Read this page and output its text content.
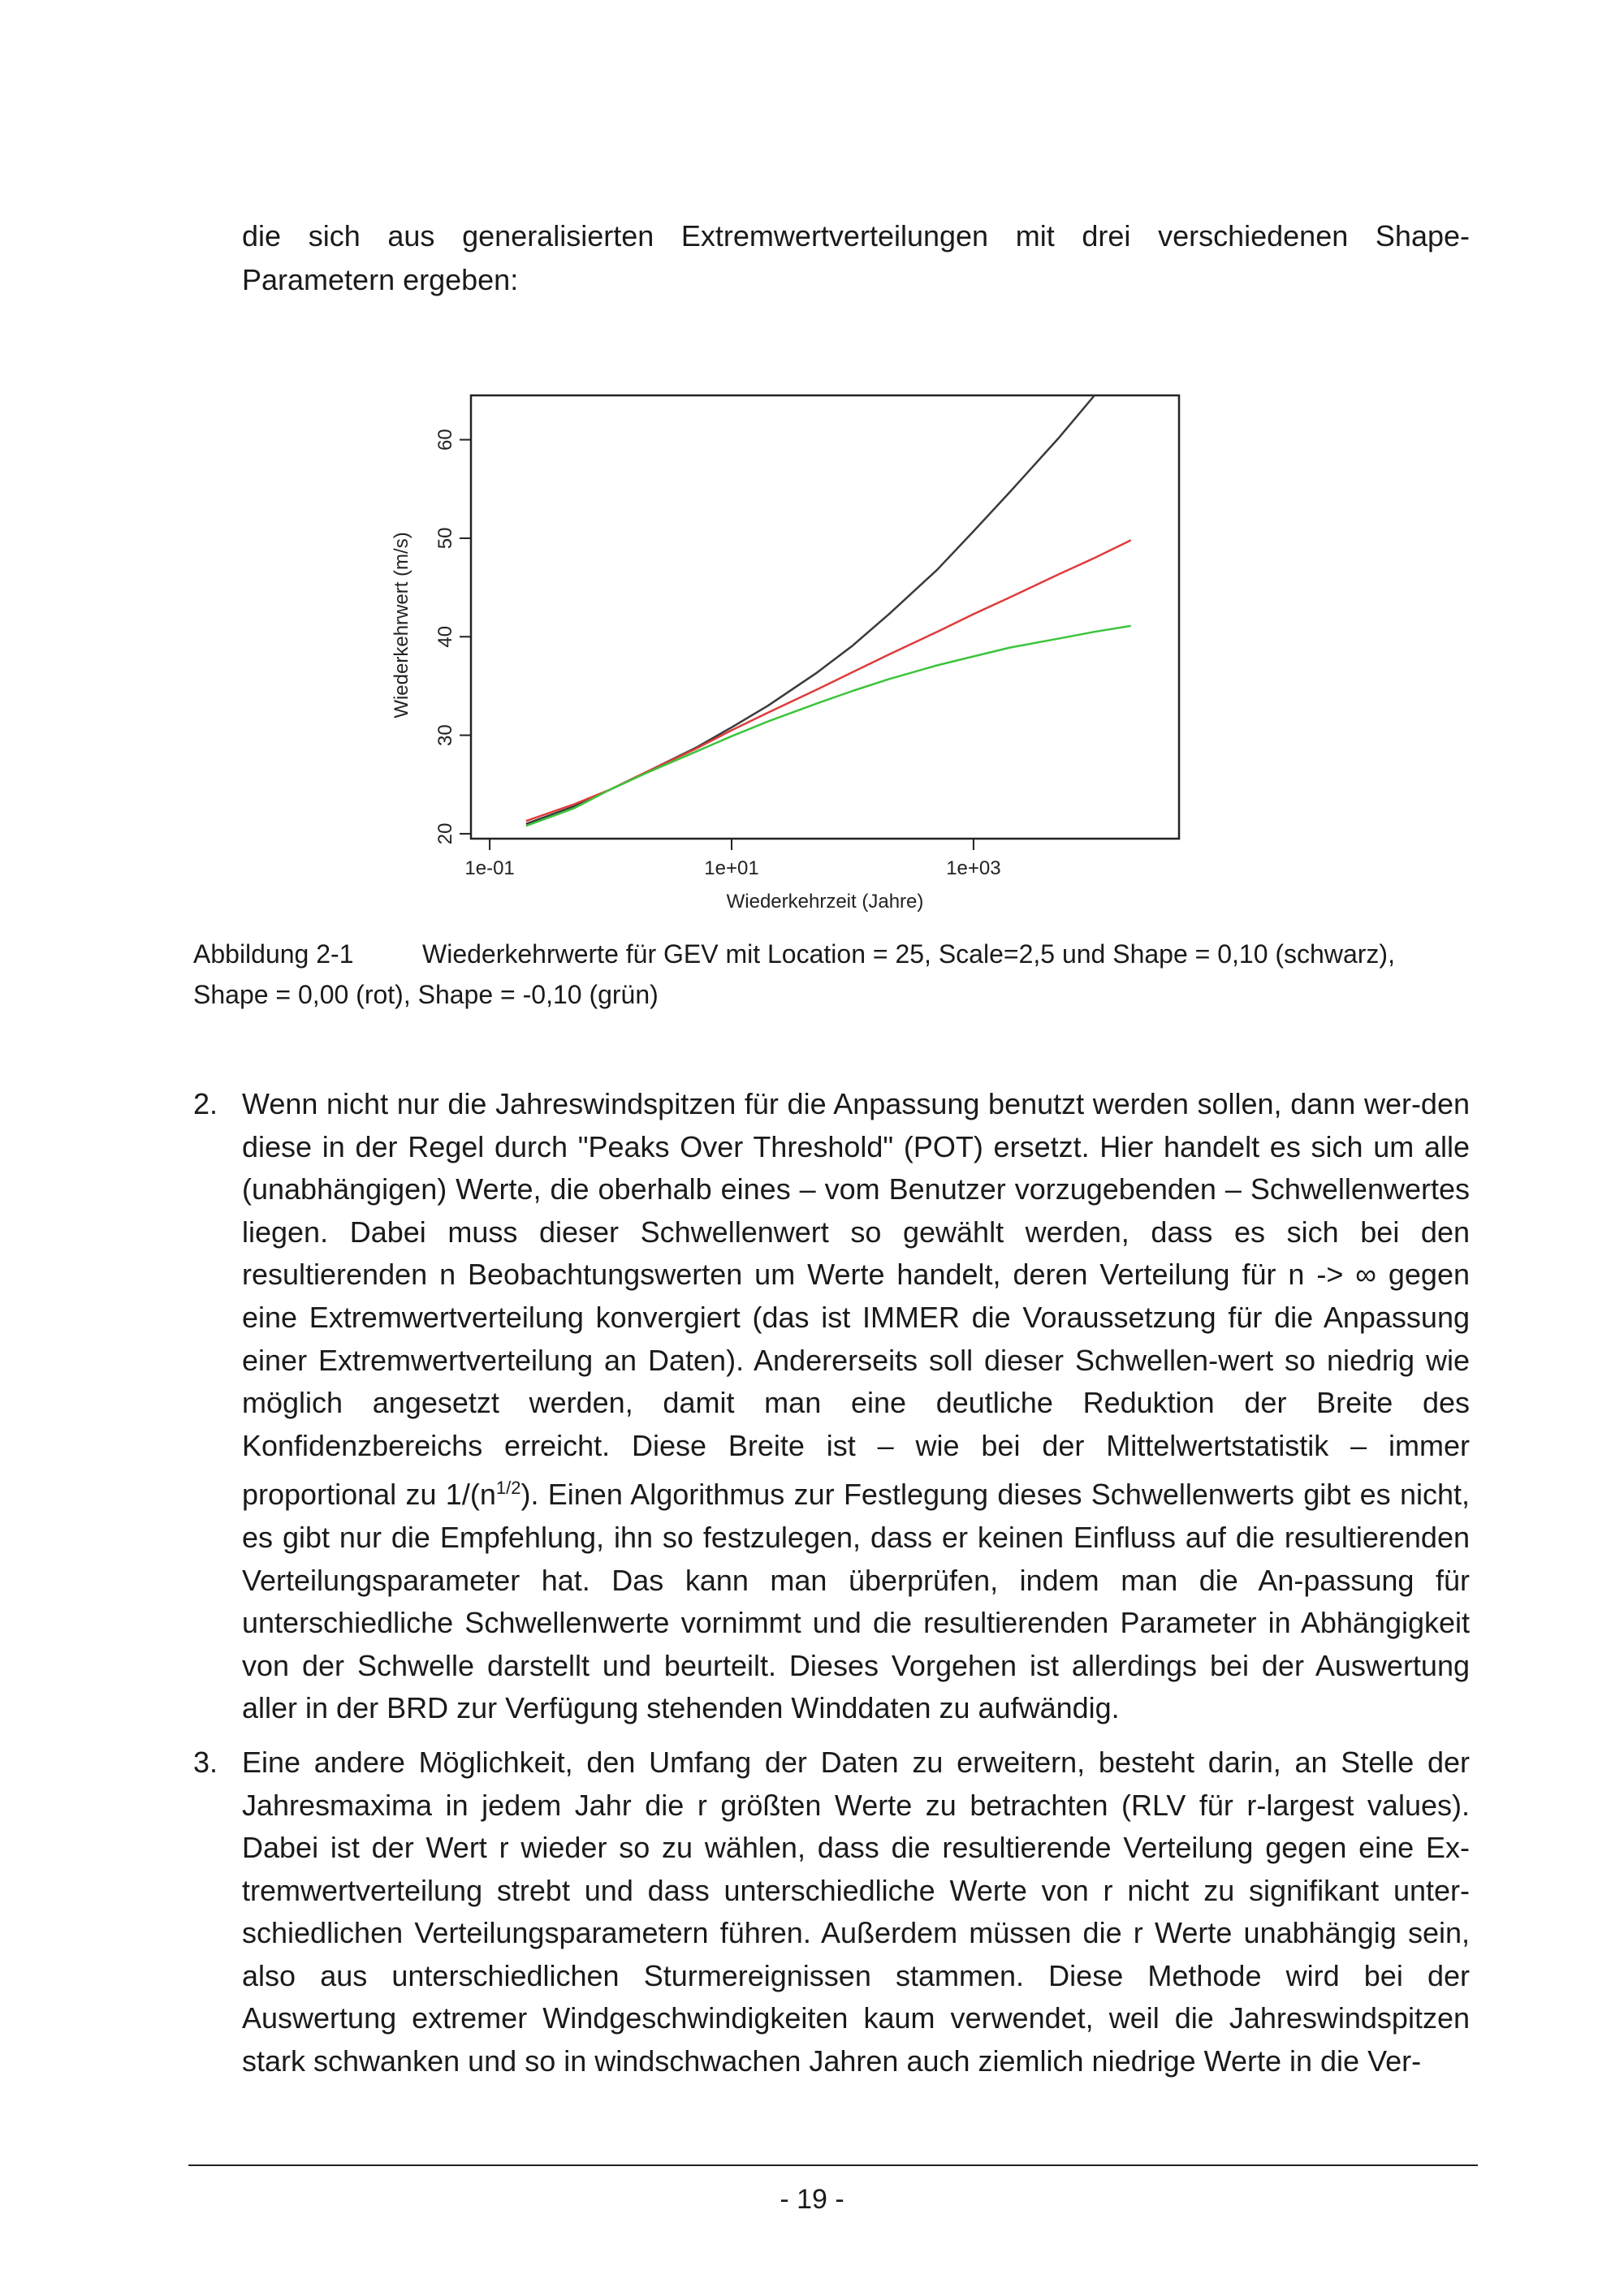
die sich aus generalisierten Extremwertverteilungen mit drei verschiedenen Shape-
Parametern ergeben:
1e-01	1e+01	1e+03
20
30
40
50
60
Wiederkehrzeit (Jahre)
Wiederkehrwert (m/s)
Abbildung 2-1	Wiederkehrwerte für GEV mit Location = 25, Scale=2,5 und Shape = 0,10 (schwarz),
Shape = 0,00 (rot), Shape = -0,10 (grün)
2. Wenn nicht nur die Jahreswindspitzen für die Anpassung benutzt werden sollen, dann wer-den diese in der Regel durch "Peaks Over Threshold" (POT) ersetzt. Hier handelt es sich um alle (unabhängigen) Werte, die oberhalb eines – vom Benutzer vorzugebenden – Schwellenwertes liegen. Dabei muss dieser Schwellenwert so gewählt werden, dass es sich bei den resultierenden n Beobachtungswerten um Werte handelt, deren Verteilung für n -> ∞ gegen eine Extremwertverteilung konvergiert (das ist IMMER die Voraussetzung für die Anpassung einer Extremwertverteilung an Daten). Andererseits soll dieser Schwellen-wert so niedrig wie möglich angesetzt werden, damit man eine deutliche Reduktion der Breite des Konfidenzbereichs erreicht. Diese Breite ist – wie bei der Mittelwertstatistik – immer proportional zu $1/(n^{1/2})$. Einen Algorithmus zur Festlegung dieses Schwellenwerts gibt es nicht, es gibt nur die Empfehlung, ihn so festzulegen, dass er keinen Einfluss auf die resultierenden Verteilungsparameter hat. Das kann man überprüfen, indem man die An-passung für unterschiedliche Schwellenwerte vornimmt und die resultierenden Parameter in Abhängigkeit von der Schwelle darstellt und beurteilt. Dieses Vorgehen ist allerdings bei der Auswertung aller in der BRD zur Verfügung stehenden Winddaten zu aufwändig.
3. Eine andere Möglichkeit, den Umfang der Daten zu erweitern, besteht darin, an Stelle der Jahresmaxima in jedem Jahr die r größten Werte zu betrachten (RLV für r-largest values). Dabei ist der Wert r wieder so zu wählen, dass die resultierende Verteilung gegen eine Ex-tremwertverteilung strebt und dass unterschiedliche Werte von r nicht zu signifikant unter-schiedlichen Verteilungsparametern führen. Außerdem müssen die r Werte unabhängig sein, also aus unterschiedlichen Sturmereignissen stammen. Diese Methode wird bei der Auswertung extremer Windgeschwindigkeiten kaum verwendet, weil die Jahreswindspitzen stark schwanken und so in windschwachen Jahren auch ziemlich niedrige Werte in die Ver-
- 19 -
